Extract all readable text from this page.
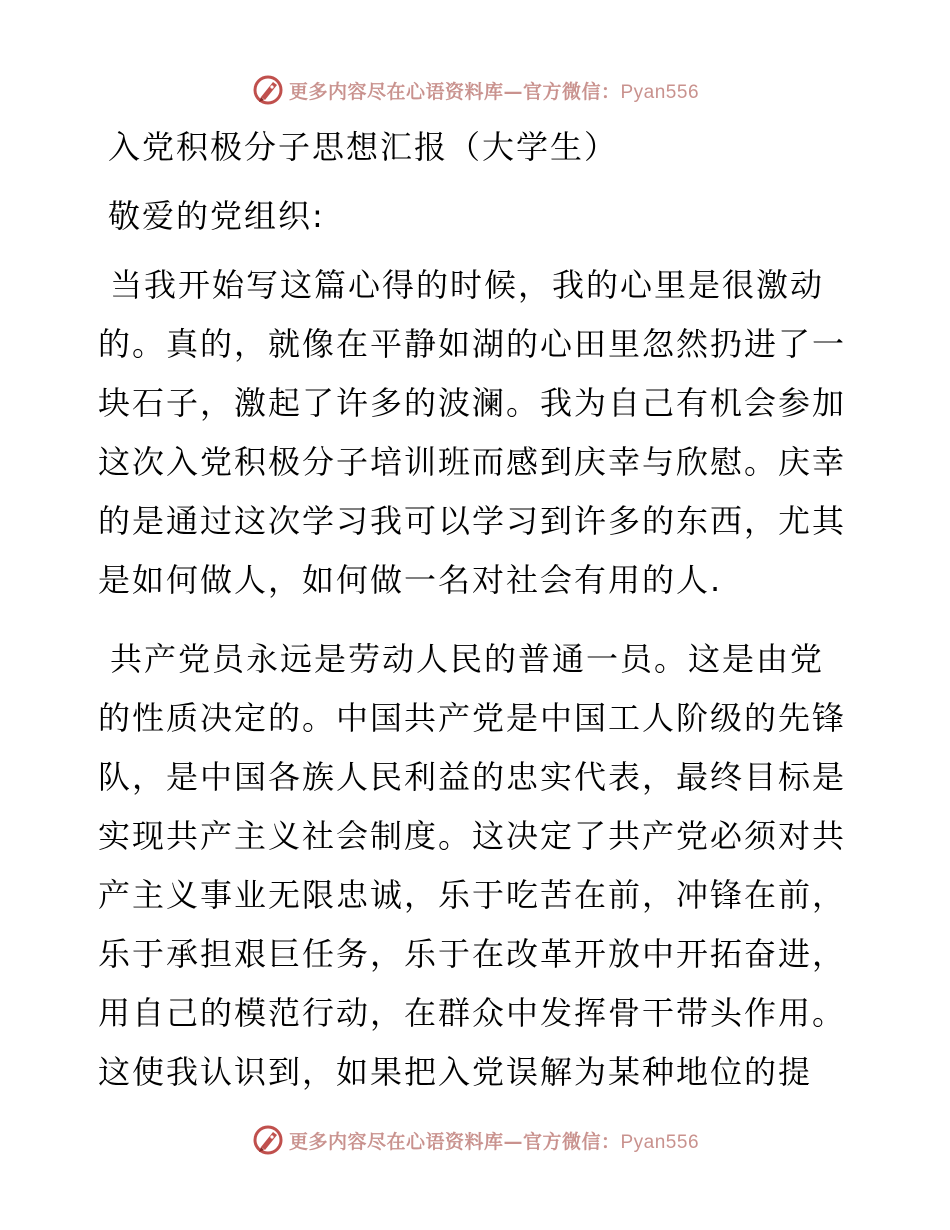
更多内容尽在心语资料库—官方微信：Pyan556
入党积极分子思想汇报（大学生）
敬爱的党组织:
当我开始写这篇心得的时候，我的心里是很激动
的。真的，就像在平静如湖的心田里忽然扔进了一
块石子，激起了许多的波澜。我为自己有机会参加
这次入党积极分子培训班而感到庆幸与欣慰。庆幸
的是通过这次学习我可以学习到许多的东西，尤其
是如何做人，如何做一名对社会有用的人.
共产党员永远是劳动人民的普通一员。这是由党
的性质决定的。中国共产党是中国工人阶级的先锋
队，是中国各族人民利益的忠实代表，最终目标是
实现共产主义社会制度。这决定了共产党必须对共
产主义事业无限忠诚，乐于吃苦在前，冲锋在前，
乐于承担艰巨任务，乐于在改革开放中开拓奋进，
用自己的模范行动，在群众中发挥骨干带头作用。
这使我认识到，如果把入党误解为某种地位的提
更多内容尽在心语资料库—官方微信：Pyan556
